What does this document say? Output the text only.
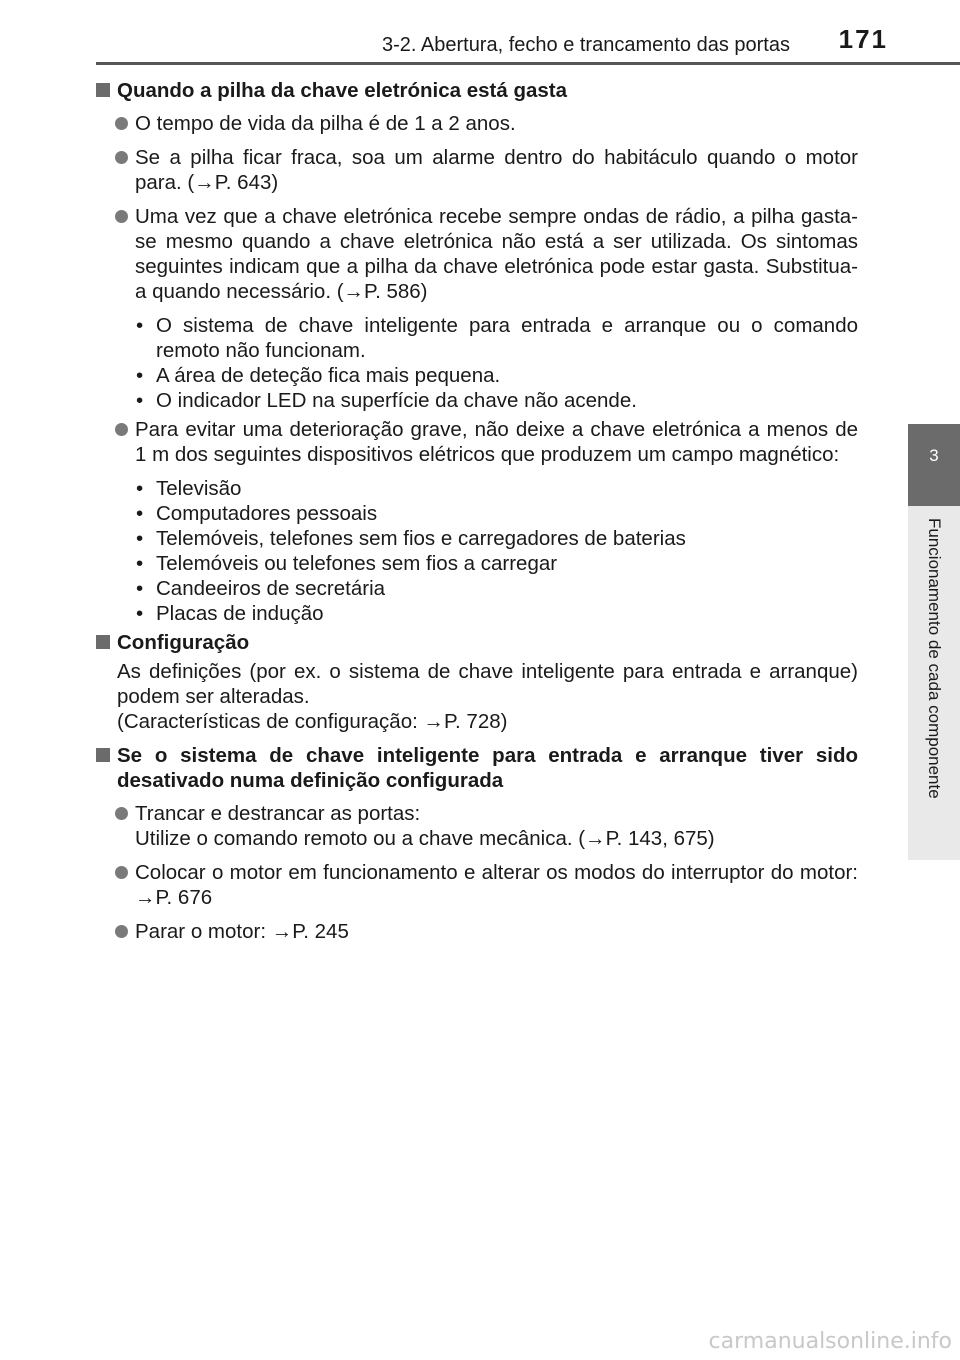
3-2. Abertura, fecho e trancamento das portas 171
3
Funcionamento de cada componente
Quando a pilha da chave eletrónica está gasta
O tempo de vida da pilha é de 1 a 2 anos.
Se a pilha ficar fraca, soa um alarme dentro do habitáculo quando o motor para. (→P. 643)
Uma vez que a chave eletrónica recebe sempre ondas de rádio, a pilha gasta-se mesmo quando a chave eletrónica não está a ser utilizada. Os sintomas seguintes indicam que a pilha da chave eletrónica pode estar gasta. Substitua-a quando necessário. (→P. 586)
• O sistema de chave inteligente para entrada e arranque ou o comando remoto não funcionam.
• A área de deteção fica mais pequena.
• O indicador LED na superfície da chave não acende.
Para evitar uma deterioração grave, não deixe a chave eletrónica a menos de 1 m dos seguintes dispositivos elétricos que produzem um campo magnético:
• Televisão
• Computadores pessoais
• Telemóveis, telefones sem fios e carregadores de baterias
• Telemóveis ou telefones sem fios a carregar
• Candeeiros de secretária
• Placas de indução
Configuração
As definições (por ex. o sistema de chave inteligente para entrada e arranque) podem ser alteradas.
(Características de configuração: →P. 728)
Se o sistema de chave inteligente para entrada e arranque tiver sido desativado numa definição configurada
Trancar e destrancar as portas:
Utilize o comando remoto ou a chave mecânica. (→P. 143, 675)
Colocar o motor em funcionamento e alterar os modos do interruptor do motor: →P. 676
Parar o motor: →P. 245
carmanualsonline.info
